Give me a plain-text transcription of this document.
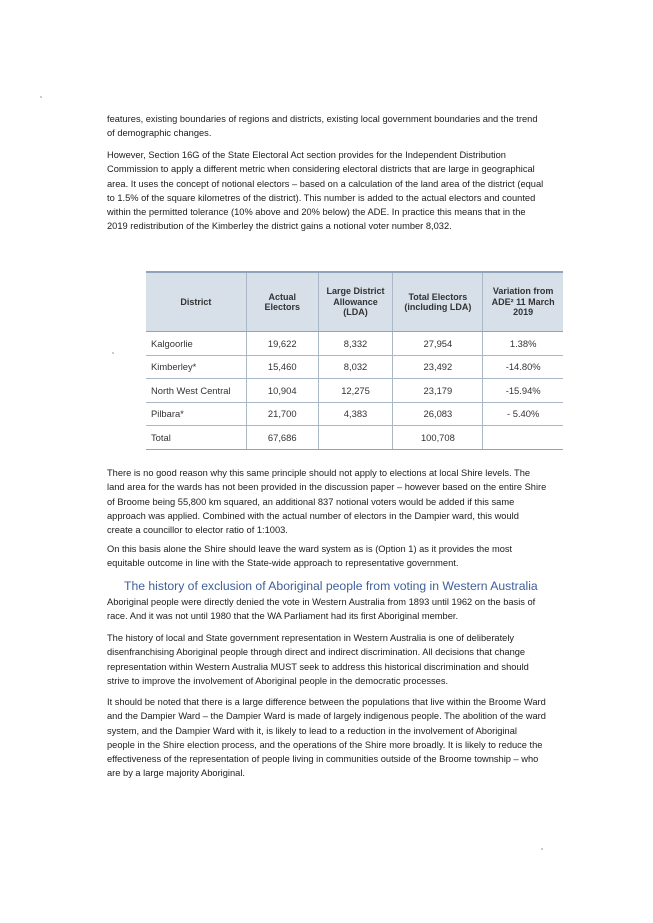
features, existing boundaries of regions and districts, existing local government boundaries and the trend of demographic changes.

However, Section 16G of the State Electoral Act section provides for the Independent Distribution Commission to apply a different metric when considering electoral districts that are large in geographical area. It uses the concept of notional electors – based on a calculation of the land area of the district (equal to 1.5% of the square kilometres of the district). This number is added to the actual electors and counted within the permitted tolerance (10% above and 20% below) the ADE. In practice this means that in the 2019 redistribution of the Kimberley the district gains a notional voter number 8,032.

District	Actual Electors	Large District Allowance (LDA)	Total Electors (including LDA)	Variation from ADE² 11 March 2019
Kalgoorlie	19,622	8,332	27,954	1.38%
Kimberley*	15,460	8,032	23,492	-14.80%
North West Central	10,904	12,275	23,179	-15.94%
Pilbara*	21,700	4,383	26,083	- 5.40%
Total	67,686		100,708	

There is no good reason why this same principle should not apply to elections at local Shire levels. The land area for the wards has not been provided in the discussion paper – however based on the entire Shire of Broome being 55,800 km squared, an additional 837 notional voters would be added if this same approach was applied. Combined with the actual number of electors in the Dampier ward, this would create a councillor to elector ratio of 1:1003.

On this basis alone the Shire should leave the ward system as is (Option 1) as it provides the most equitable outcome in line with the State-wide approach to representative government.

The history of exclusion of Aboriginal people from voting in Western Australia

Aboriginal people were directly denied the vote in Western Australia from 1893 until 1962 on the basis of race. And it was not until 1980 that the WA Parliament had its first Aboriginal member.

The history of local and State government representation in Western Australia is one of deliberately disenfranchising Aboriginal people through direct and indirect discrimination. All decisions that change representation within Western Australia MUST seek to address this historical discrimination and should strive to improve the involvement of Aboriginal people in the democratic processes.

It should be noted that there is a large difference between the populations that live within the Broome Ward and the Dampier Ward – the Dampier Ward is made of largely indigenous people. The abolition of the ward system, and the Dampier Ward with it, is likely to lead to a reduction in the involvement of Aboriginal people in the Shire election process, and the operations of the Shire more broadly. It is likely to reduce the effectiveness of the representation of people living in communities outside of the Broome township – who are by a large majority Aboriginal.
